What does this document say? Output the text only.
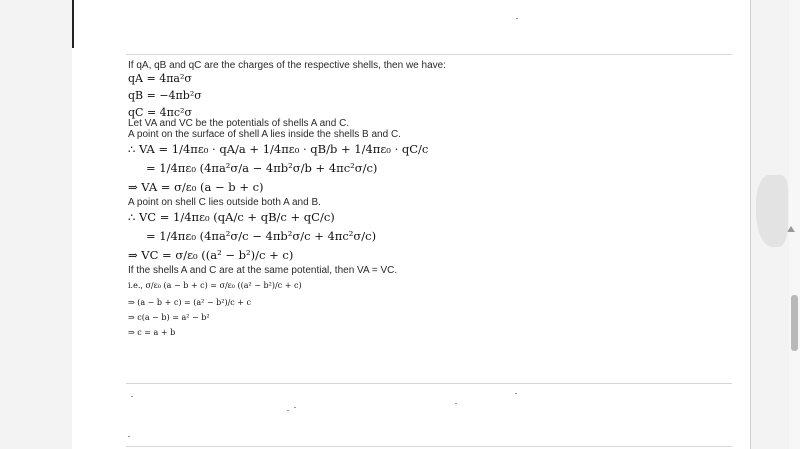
If qA, qB and qC are the charges of the respective shells, then we have:
qA = 4πa²σ
qB = −4πb²σ
qC = 4πc²σ
Let VA and VC be the potentials of shells A and C.
A point on the surface of shell A lies inside the shells B and C.
∴ VA = 1/4πε₀ · qA/a + 1/4πε₀ · qB/b + 1/4πε₀ · qC/c
= 1/4πε₀ (4πa²σ/a − 4πb²σ/b + 4πc²σ/c)
⇒ VA = σ/ε₀ (a − b + c)
A point on shell C lies outside both A and B.
∴ VC = 1/4πε₀ (qA/c + qB/c + qC/c)
= 1/4πε₀ (4πa²σ/c − 4πb²σ/c + 4πc²σ/c)
⇒ VC = σ/ε₀ ((a² − b²)/c + c)
If the shells A and C are at the same potential, then VA = VC.
i.e., σ/ε₀ (a − b + c) = σ/ε₀ ((a² − b²)/c + c)
⇒ (a − b + c) = (a² − b²)/c + c
⇒ c(a − b) = a² − b²
⇒ c = a + b
